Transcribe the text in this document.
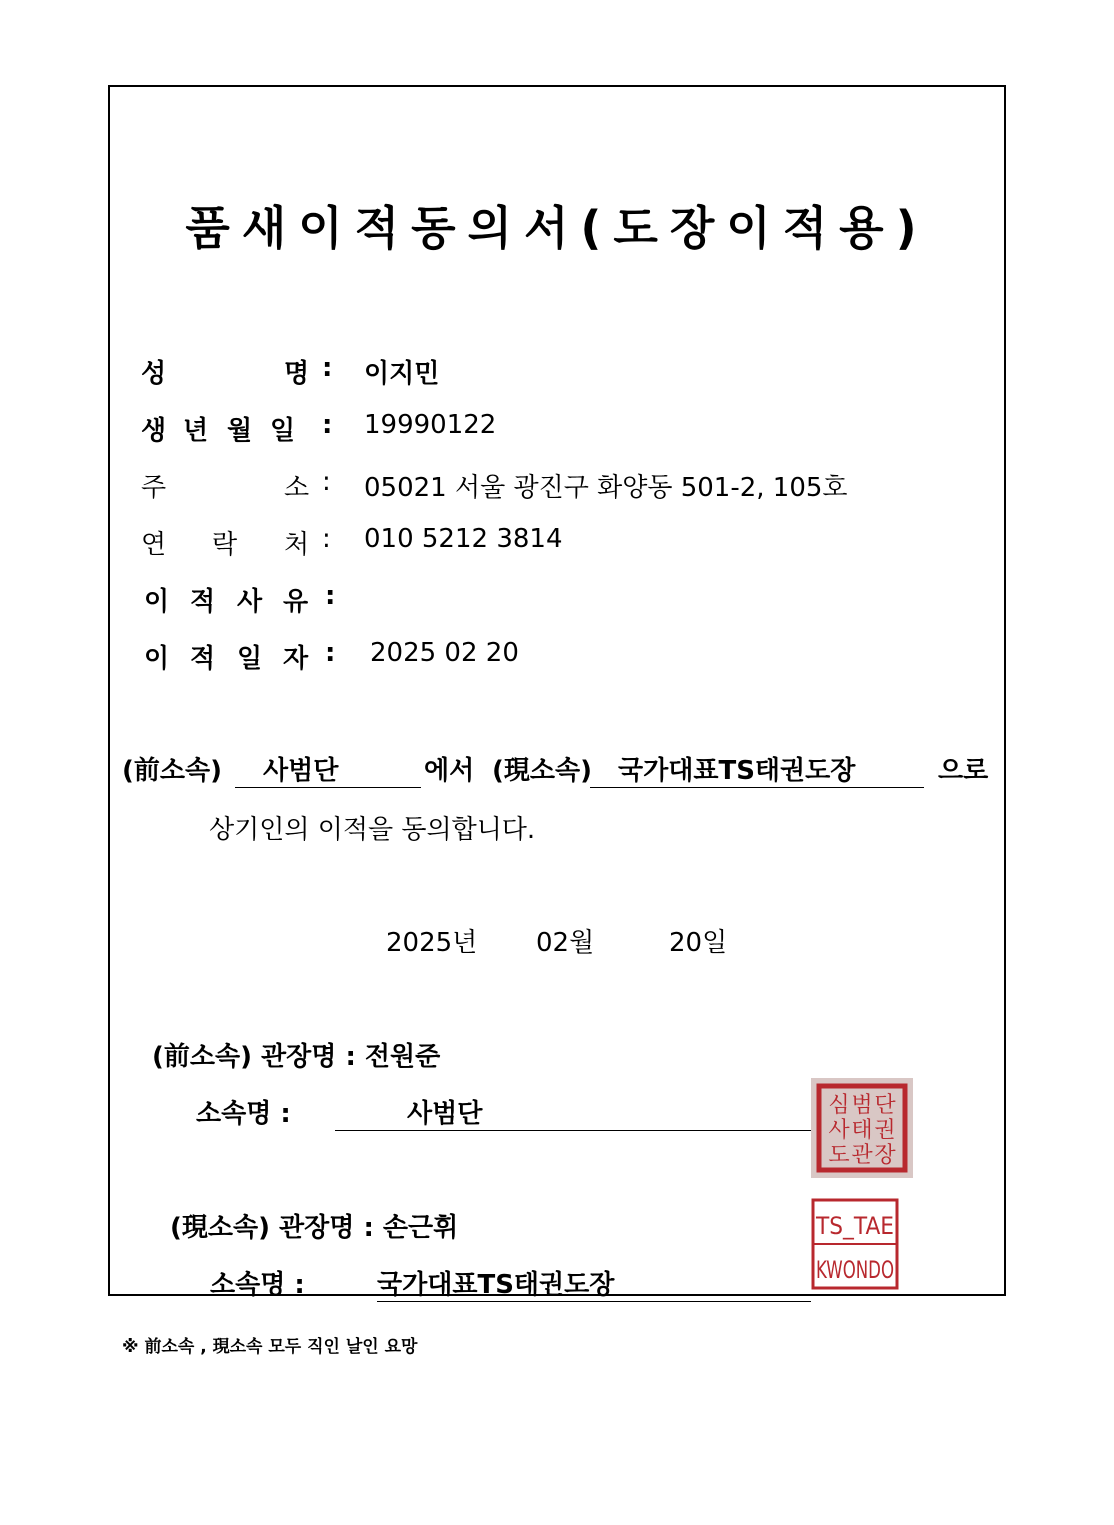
품새이적동의서(도장이적용)
성	명 : 이지민
생 년 월 일 : 19990122
주	소 : 05021 서울 광진구 화양동 501-2, 105호
연 락 처 : 010 5212 3814
이 적 사 유 :
이 적 일 자 : 2025 02 20
(前소속)	사범단	에서 (現소속)	국가대표TS태권도장	으로
상기인의 이적을 동의합니다.
2025년 02월	20일
(前소속) 관장명 : 전원준
소속명 :	사범단	심 범 단
사 태 권
도 관 장
(現소속) 관장명 : 손근휘
소속명 :	국가대표TS태권도장
TS_TAE
KWONDO
※ 前소속 , 現소속 모두 직인 날인 요망
